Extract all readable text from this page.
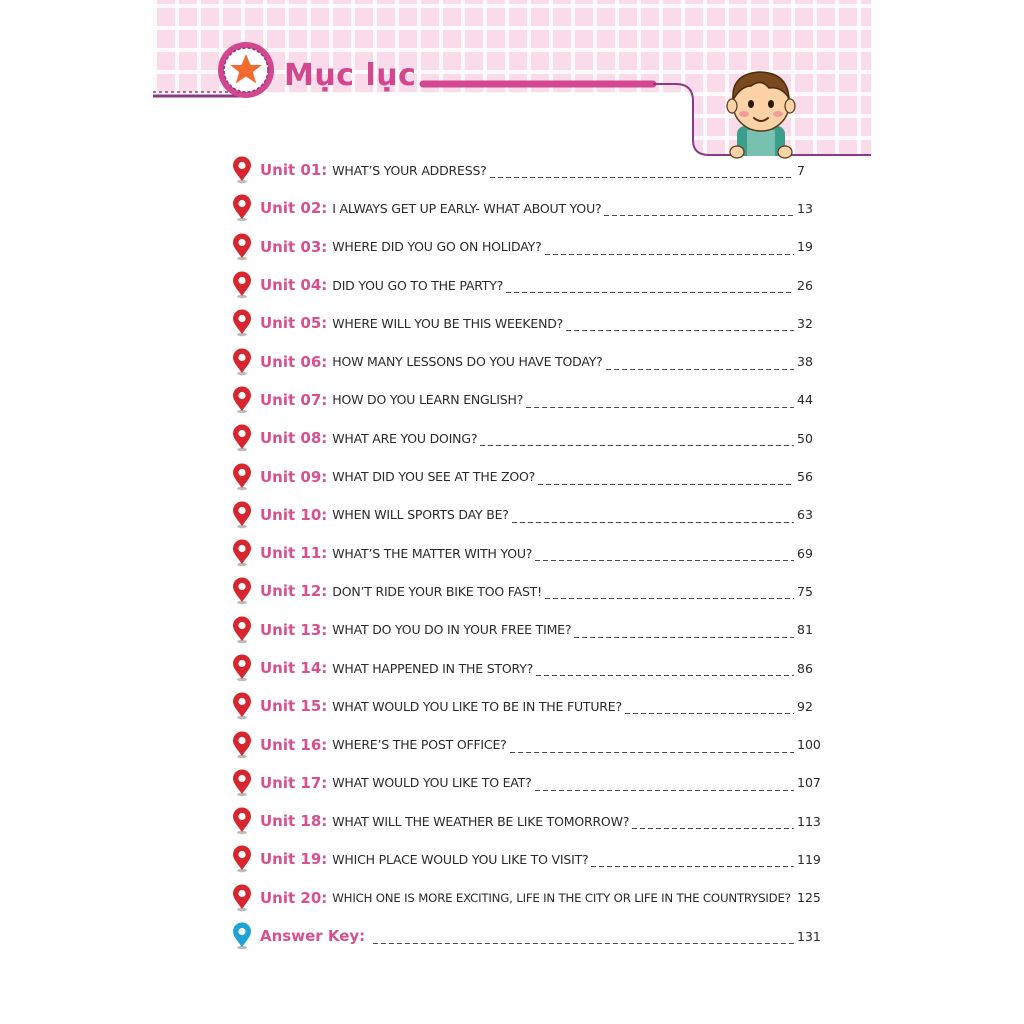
Mục lục
Unit 01: WHAT’S YOUR ADDRESS?	7
Unit 02: I ALWAYS GET UP EARLY- WHAT ABOUT YOU?	13
Unit 03: WHERE DID YOU GO ON HOLIDAY?	19
Unit 04: DID YOU GO TO THE PARTY?	26
Unit 05: WHERE WILL YOU BE THIS WEEKEND?	32
Unit 06: HOW MANY LESSONS DO YOU HAVE TODAY?	38
Unit 07: HOW DO YOU LEARN ENGLISH?	44
Unit 08: WHAT ARE YOU DOING?	50
Unit 09: WHAT DID YOU SEE AT THE ZOO?	56
Unit 10: WHEN WILL SPORTS DAY BE?	63
Unit 11: WHAT’S THE MATTER WITH YOU?	69
Unit 12: DON’T RIDE YOUR BIKE TOO FAST!	75
Unit 13: WHAT DO YOU DO IN YOUR FREE TIME?	81
Unit 14: WHAT HAPPENED IN THE STORY?	86
Unit 15: WHAT WOULD YOU LIKE TO BE IN THE FUTURE?	92
Unit 16: WHERE’S THE POST OFFICE?	100
Unit 17: WHAT WOULD YOU LIKE TO EAT?	107
Unit 18: WHAT WILL THE WEATHER BE LIKE TOMORROW?	113
Unit 19: WHICH PLACE WOULD YOU LIKE TO VISIT?	119
Unit 20: WHICH ONE IS MORE EXCITING, LIFE IN THE CITY OR LIFE IN THE COUNTRYSIDE? 125
Answer Key:	131
